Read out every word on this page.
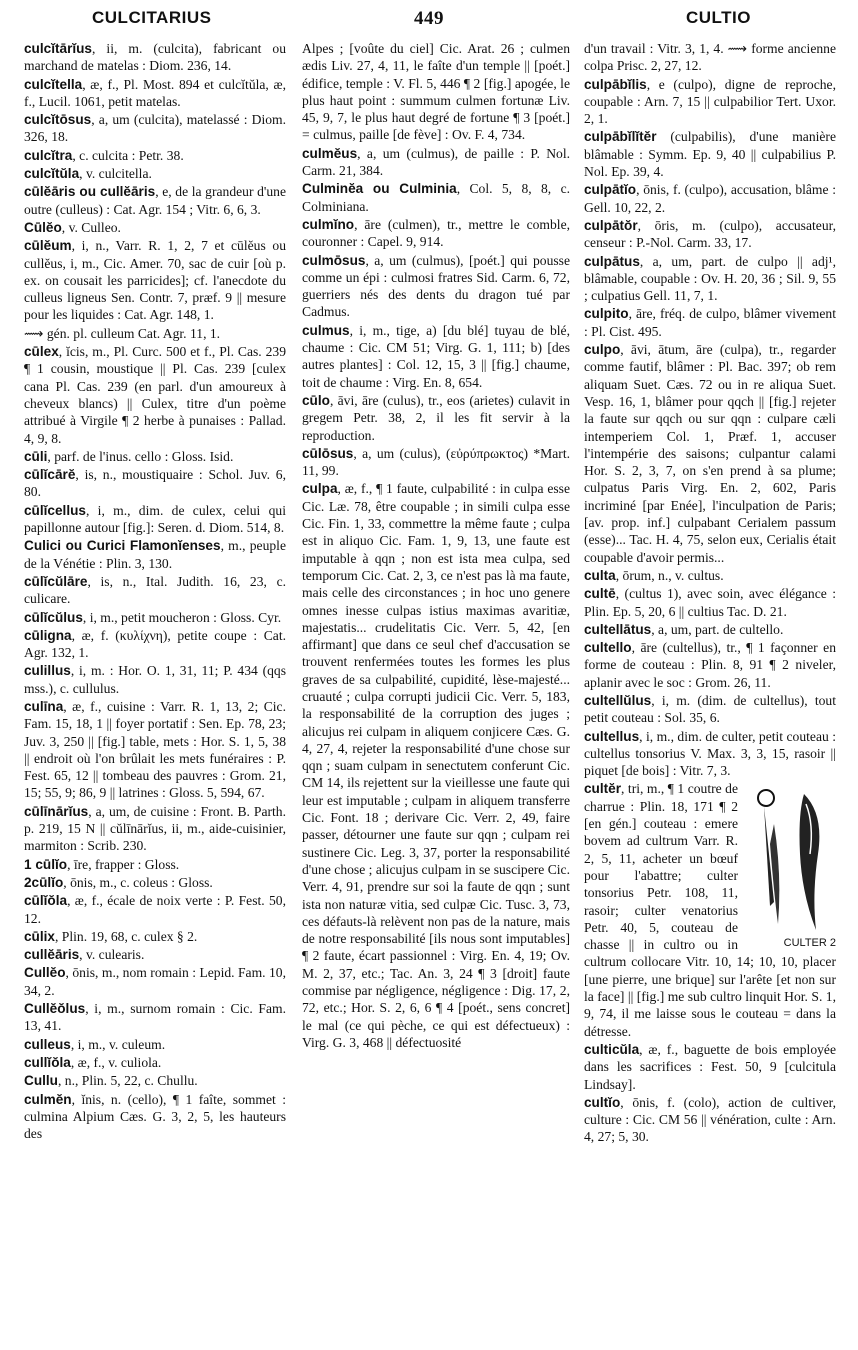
CULCITARIUS	449	CULTIO
culcĭtārĭus, ii, m. (culcita), fabricant ou marchand de matelas : Diom. 236, 14.
culcĭtella, æ, f., Pl. Most. 894 et culcĭtŭla, æ, f., Lucil. 1061, petit matelas.
culcĭtōsus, a, um (culcita), matelassé : Diom. 326, 18.
culcĭtra, c. culcita : Petr. 38.
culcĭtŭla, v. culcitella.
cūlĕāris ou cullĕāris, e, de la grandeur d'une outre (culleus) : Cat. Agr. 154 ; Vitr. 6, 6, 3.
Cūlĕo, v. Culleo.
cūlĕum, i, n., Varr. R. 1, 2, 7 et cūlĕus ou cullĕus, i, m., Cic. Amer. 70, sac de cuir [où p. ex. on cousait les parricides]; cf. l'anecdote du culleus ligneus Sen. Contr. 7, præf. 9 || mesure pour les liquides : Cat. Agr. 148, 1.
⟿ gén. pl. culleum Cat. Agr. 11, 1.
cūlex, ĭcis, m., Pl. Curc. 500 et f., Pl. Cas. 239 ¶ 1 cousin, moustique || Pl. Cas. 239 [culex cana Pl. Cas. 239 (en parl. d'un amoureux à cheveux blancs) || Culex, titre d'un poème attribué à Virgile ¶ 2 herbe à punaises : Pallad. 4, 9, 8.
cūli, parf. de l'inus. cello : Gloss. Isid.
cūlĭcārĕ, is, n., moustiquaire : Schol. Juv. 6, 80.
cūlĭcellus, i, m., dim. de culex, celui qui papillonne autour [fig.]: Seren. d. Diom. 514, 8.
Culici ou Curici Flamonĭenses, m., peuple de la Vénétie : Plin. 3, 130.
cūlĭcŭlāre, is, n., Ital. Judith. 16, 23, c. culicare.
cūlĭcŭlus, i, m., petit moucheron : Gloss. Cyr.
cūligna, æ, f. (κυλίχνη), petite coupe : Cat. Agr. 132, 1.
culillus, i, m. : Hor. O. 1, 31, 11; P. 434 (qqs mss.), c. cullulus.
culīna, æ, f., cuisine : Varr. R. 1, 13, 2; Cic. Fam. 15, 18, 1 || foyer portatif : Sen. Ep. 78, 23; Juv. 3, 250 || [fig.] table, mets : Hor. S. 1, 5, 38 || endroit où l'on brûlait les mets funéraires : P. Fest. 65, 12 || tombeau des pauvres : Grom. 21, 15; 55, 9; 86, 9 || latrines : Gloss. 5, 594, 67.
cūlīnārĭus, a, um, de cuisine : Front. B. Parth. p. 219, 15 N || cŭlīnārĭus, ii, m., aide-cuisinier, marmiton : Scrib. 230.
1 cūlĭo, īre, frapper : Gloss.
2cūlĭo, ōnis, m., c. coleus : Gloss.
cūlĭŏla, æ, f., écale de noix verte : P. Fest. 50, 12.
cūlix, Plin. 19, 68, c. culex § 2.
cullĕāris, v. culearis.
Cullĕo, ōnis, m., nom romain : Lepid. Fam. 10, 34, 2.
Cullĕŏlus, i, m., surnom romain : Cic. Fam. 13, 41.
culleus, i, m., v. culeum.
cullĭŏla, æ, f., v. culiola.
Cullu, n., Plin. 5, 22, c. Chullu.
culmĕn, ĭnis, n. (cello), ¶ 1 faîte, sommet : culmina Alpium Cæs. G. 3, 2, 5, les hauteurs des
Alpes ; [voûte du ciel] Cic. Arat. 26 ; culmen ædis Liv. 27, 4, 11, le faîte d'un temple || [poét.] édifice, temple : V. Fl. 5, 446 ¶ 2 [fig.] apogée, le plus haut point : summum culmen fortunæ Liv. 45, 9, 7, le plus haut degré de fortune ¶ 3 [poét.] = culmus, paille [de fève] : Ov. F. 4, 734.
culmĕus, a, um (culmus), de paille : P. Nol. Carm. 21, 384.
Culminĕa ou Culminia, Col. 5, 8, 8, c. Colminiana.
culmĭno, āre (culmen), tr., mettre le comble, couronner : Capel. 9, 914.
culmōsus, a, um (culmus), [poét.] qui pousse comme un épi : culmosi fratres Sid. Carm. 6, 72, guerriers nés des dents du dragon tué par Cadmus.
culmus, i, m., tige, a) [du blé] tuyau de blé, chaume : Cic. CM 51; Virg. G. 1, 111; b) [des autres plantes] : Col. 12, 15, 3 || [fig.] chaume, toit de chaume : Virg. En. 8, 654.
cūlo, āvi, āre (culus), tr., eos (arietes) culavit in gregem Petr. 38, 2, il les fit servir à la reproduction.
cūlōsus, a, um (culus), (εὐρύπρωκτος) *Mart. 11, 99.
culpa, æ, f., ¶ 1 faute, culpabilité : in culpa esse Cic. Læ. 78, être coupable ; in simili culpa esse Cic. Fin. 1, 33, commettre la même faute ; culpa est in aliquo Cic. Fam. 1, 9, 13, une faute est imputable à qqn ; non est ista mea culpa, sed temporum Cic. Cat. 2, 3, ce n'est pas là ma faute, mais celle des circonstances ; in hoc uno genere omnes inesse culpas istius maximas avaritiæ, majestatis... crudelitatis Cic. Verr. 5, 42, [en affirmant] que dans ce seul chef d'accusation se trouvent renfermées toutes les formes les plus graves de sa culpabilité, cupidité, lèse-majesté... cruauté ; culpa corrupti judicii Cic. Verr. 5, 183, la responsabilité de la corruption des juges ; alicujus rei culpam in aliquem conjicere Cæs. G. 4, 27, 4, rejeter la responsabilité d'une chose sur qqn ; suam culpam in senectutem conferunt Cic. CM 14, ils rejettent sur la vieillesse une faute qui leur est imputable ; culpam in aliquem transferre Cic. Font. 18 ; derivare Cic. Verr. 2, 49, faire passer, détourner une faute sur qqn ; culpam rei sustinere Cic. Leg. 3, 37, porter la responsabilité d'une chose ; alicujus culpam in se suscipere Cic. Verr. 4, 91, prendre sur soi la faute de qqn ; sunt ista non naturæ vitia, sed culpæ Cic. Tusc. 3, 73, ces défauts-là relèvent non pas de la nature, mais de notre responsabilité [ils nous sont imputables] ¶ 2 faute, écart passionnel : Virg. En. 4, 19; Ov. M. 2, 37, etc.; Tac. An. 3, 24 ¶ 3 [droit] faute commise par négligence, négligence : Dig. 17, 2, 72, etc.; Hor. S. 2, 6, 6 ¶ 4 [poét., sens concret] le mal (ce qui pèche, ce qui est défectueux) : Virg. G. 3, 468 || défectuosité
d'un travail : Vitr. 3, 1, 4. ⟿ forme ancienne colpa Prisc. 2, 27, 12.
culpābĭlis, e (culpo), digne de reproche, coupable : Arn. 7, 15 || culpabilior Tert. Uxor. 2, 1.
culpābĭlĭtĕr (culpabilis), d'une manière blâmable : Symm. Ep. 9, 40 || culpabilius P. Nol. Ep. 39, 4.
culpātĭo, ōnis, f. (culpo), accusation, blâme : Gell. 10, 22, 2.
culpātŏr, ōris, m. (culpo), accusateur, censeur : P.-Nol. Carm. 33, 17.
culpātus, a, um, part. de culpo || adj¹, blâmable, coupable : Ov. H. 20, 36 ; Sil. 9, 55 ; culpatius Gell. 11, 7, 1.
culpito, āre, fréq. de culpo, blâmer vivement : Pl. Cist. 495.
culpo, āvi, ātum, āre (culpa), tr., regarder comme fautif, blâmer : Pl. Bac. 397; ob rem aliquam Suet. Cæs. 72 ou in re aliqua Suet. Vesp. 16, 1, blâmer pour qqch || [fig.] rejeter la faute sur qqch ou sur qqn : culpare cæli intemperiem Col. 1, Præf. 1, accuser l'intempérie des saisons; culpantur calami Hor. S. 2, 3, 7, on s'en prend à sa plume; culpatus Paris Virg. En. 2, 602, Paris incriminé [par Enée], l'inculpation de Paris; [av. prop. inf.] culpabant Cerialem passum (esse)... Tac. H. 4, 75, selon eux, Cerialis était coupable d'avoir permis...
culta, ōrum, n., v. cultus.
cultē, (cultus 1), avec soin, avec élégance : Plin. Ep. 5, 20, 6 || cultius Tac. D. 21.
cultellātus, a, um, part. de cultello.
cultello, āre (cultellus), tr., ¶ 1 façonner en forme de couteau : Plin. 8, 91 ¶ 2 niveler, aplanir avec le soc : Grom. 26, 11.
cultellŭlus, i, m. (dim. de cultellus), tout petit couteau : Sol. 35, 6.
cultellus, i, m., dim. de culter, petit couteau : cultellus tonsorius V. Max. 3, 3, 15, rasoir || piquet [de bois] : Vitr. 7, 3.
CULTER 2
cultĕr, tri, m., ¶ 1 coutre de charrue : Plin. 18, 171 ¶ 2 [en gén.] couteau : emere bovem ad cultrum Varr. R. 2, 5, 11, acheter un bœuf pour l'abattre; culter tonsorius Petr. 108, 11, rasoir; culter venatorius Petr. 40, 5, couteau de chasse || in cultro ou in cultrum collocare Vitr. 10, 14; 10, 10, placer [une pierre, une brique] sur l'arête [et non sur la face] || [fig.] me sub cultro linquit Hor. S. 1, 9, 74, il me laisse sous le couteau = dans la détresse.
culticŭla, æ, f., baguette de bois employée dans les sacrifices : Fest. 50, 9 [culcitula Lindsay].
cultĭo, ōnis, f. (colo), action de cultiver, culture : Cic. CM 56 || vénération, culte : Arn. 4, 27; 5, 30.
